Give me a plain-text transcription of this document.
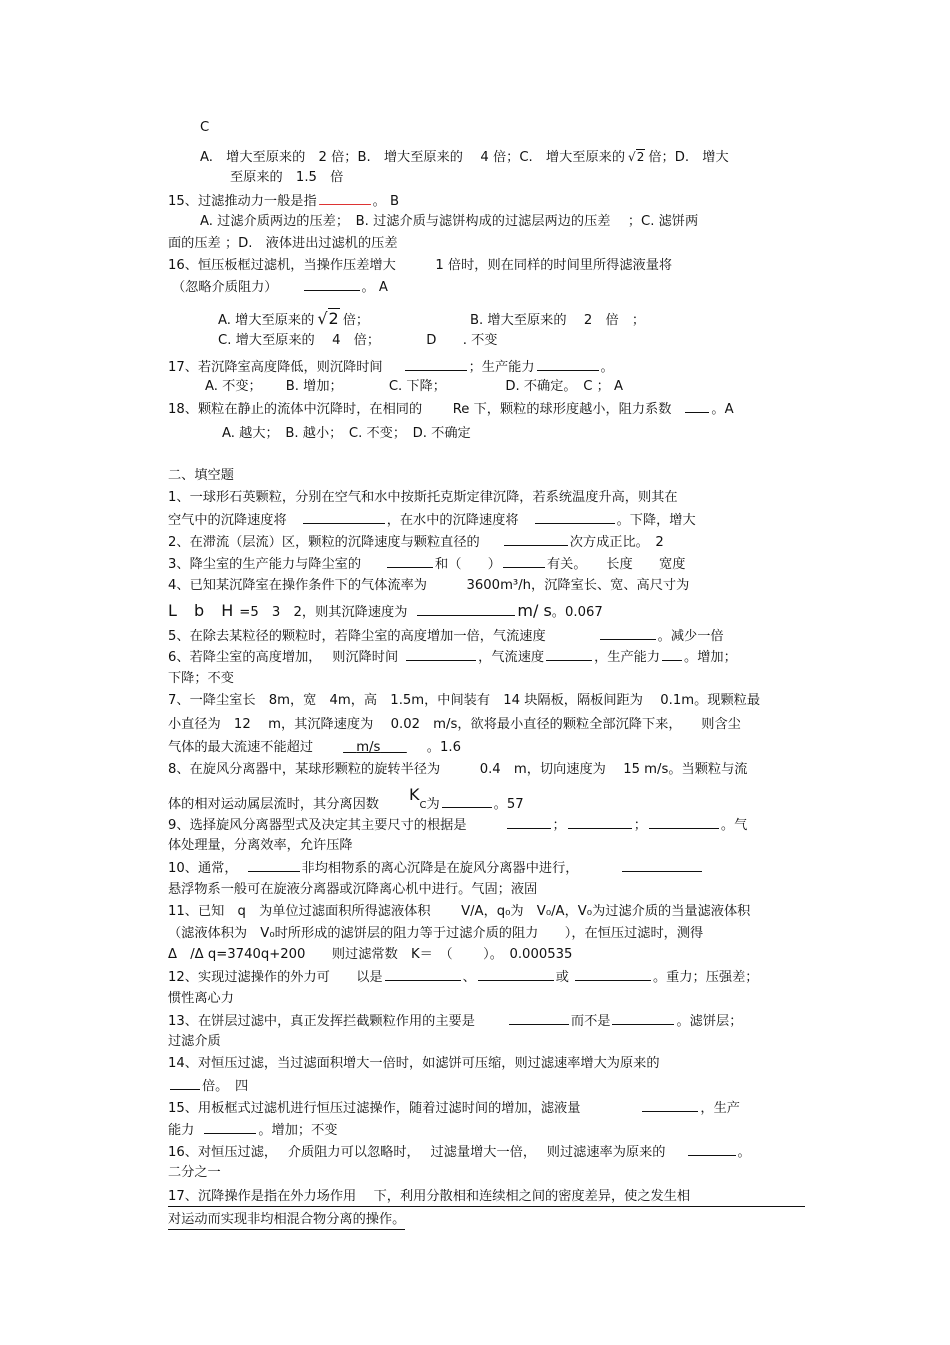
C
A.　增大至原来的　2 倍；B.　增大至原来的　 4 倍；C.　增大至原来的 √2 倍；D.　增大
至原来的　1.5　倍
15、过滤推动力一般是指	。 B
A. 过滤介质两边的压差；　B. 过滤介质与滤饼构成的过滤层两边的压差　 ；C. 滤饼两
面的压差 ；D.　液体进出过滤机的压差
16、恒压板框过滤机，当操作压差增大　　　1 倍时，则在同样的时间里所得滤液量将
（忽略介质阻力）	。 A
A. 增大至原来的 √2 倍；	B. 增大至原来的　 2　倍　；
C. 增大至原来的　 4　倍；　　　　D　　. 不变
17、若沉降室高度降低，则沉降时间	；生产能力	。
A. 不变；　　 B. 增加；　　　　C. 下降；　　　　　D. 不确定。　C ； A
18、颗粒在静止的流体中沉降时，在相同的　　 Re 下，颗粒的球形度越小，阻力系数	。A
A. 越大；　B. 越小；　C. 不变；　D. 不确定
二、填空题
1、一球形石英颗粒，分别在空气和水中按斯托克斯定律沉降，若系统温度升高，则其在
空气中的沉降速度将	，在水中的沉降速度将	。下降，增大
2、在滞流（层流）区，颗粒的沉降速度与颗粒直径的	次方成正比。　2
3、降尘室的生产能力与降尘室的	和（　　）	有关。　　长度　　宽度
4、已知某沉降室在操作条件下的气体流率为　　　3600m³/h，沉降室长、宽、高尺寸为
L b H=5　3　2，则其沉降速度为	m/ s。0.067
5、在除去某粒径的颗粒时，若降尘室的高度增加一倍，气流速度	。减少一倍
6、若降尘室的高度增加，　 则沉降时间	，气流速度	，生产能力 。增加；
下降；不变
7、一降尘室长　8m，宽　4m，高　1.5m，中间装有　14 块隔板，隔板间距为　 0.1m。现颗粒最
小直径为　12　 m，其沉降速度为　 0.02　m/s，欲将最小直径的颗粒全部沉降下来，　　则含尘
气体的最大流速不能超过　	m/s　　	。1.6
8、在旋风分离器中，某球形颗粒的旋转半径为　　　0.4　m，切向速度为　 15 m/s。当颗粒与流
体的相对运动属层流时，其分离因数KC为	。57
9、选择旋风分离器型式及决定其主要尺寸的根据是	；	；	。气
体处理量，分离效率，允许压降
10、通常，	非均相物系的离心沉降是在旋风分离器中进行，
悬浮物系一般可在旋液分离器或沉降离心机中进行。气固；液固
11、已知　q　为单位过滤面积所得滤液体积　　 V/A，q₀为　V₀/A，V₀为过滤介质的当量滤液体积
（滤液体积为　V₀时所形成的滤饼层的阻力等于过滤介质的阻力　　），在恒压过滤时，测得
Δ　/Δ q=3740q+200　　则过滤常数　K＝　（　　 ）。　0.000535
12、实现过滤操作的外力可　　以是	、	或	。重力；压强差；
惯性离心力
13、在饼层过滤中，真正发挥拦截颗粒作用的主要是	而不是	。滤饼层；
过滤介质
14、对恒压过滤，当过滤面积增大一倍时，如滤饼可压缩，则过滤速率增大为原来的
倍。　四
15、用板框式过滤机进行恒压过滤操作，随着过滤时间的增加，滤液量	，生产
能力	。增加；不变
16、对恒压过滤，　 介质阻力可以忽略时，　 过滤量增大一倍，　 则过滤速率为原来的	。
二分之一
17、沉降操作是指在外力场作用　 下，利用分散相和连续相之间的密度差异，使之发生相
对运动而实现非均相混合物分离的操作。
